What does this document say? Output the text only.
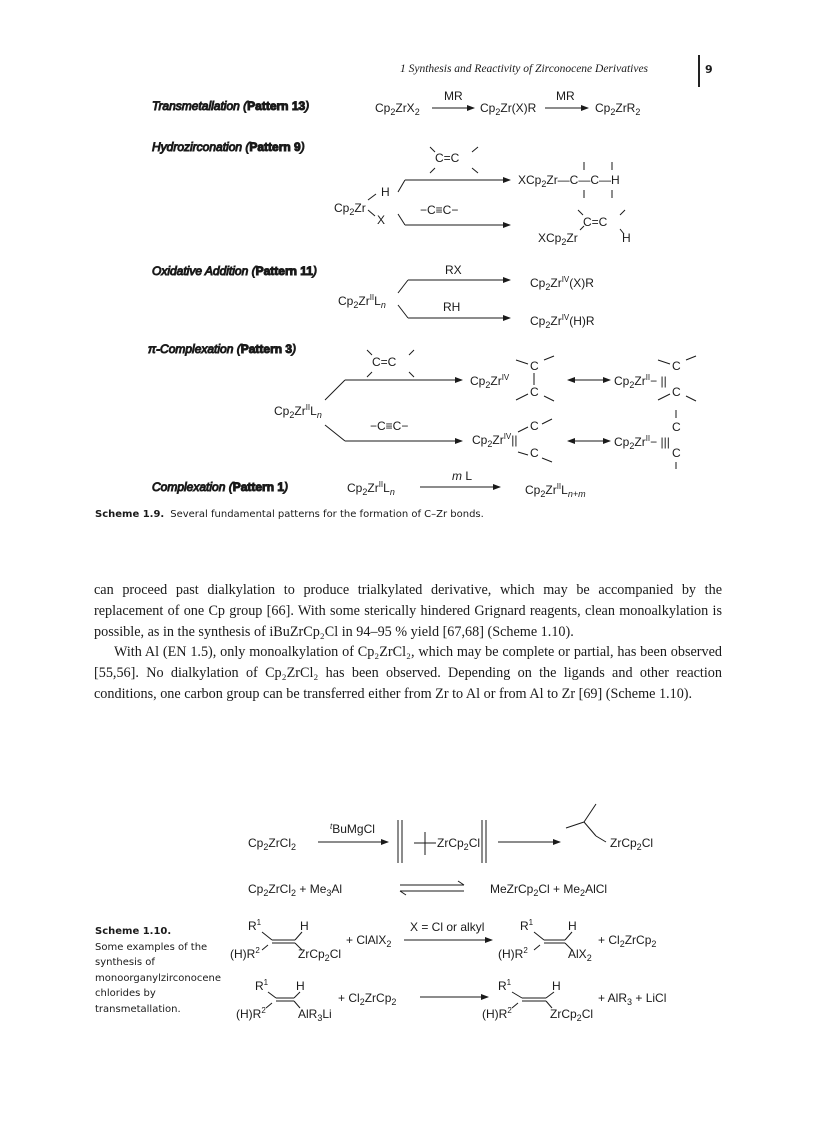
1 Synthesis and Reactivity of Zirconocene Derivatives	9
Transmetallation (Pattern 13)	$Cp_2ZrX_2$
MR
$Cp_2Zr(X)R$
MR
$Cp_2ZrR_2$
Hydrozirconation (Pattern 9)
C=C
$Cp_2Zr$
H
X
−C≡C−
XCp$_2$Zr—C—C—H
C=C
XCp$_2$Zr	H
Oxidative Addition (Pattern 11)
$Cp_2Zr^{II}L_n$
RX
RH
$Cp_2Zr^{IV}(X)R$
$Cp_2Zr^{IV}(H)R$
π-Complexation (Pattern 3)
C=C
$Cp_2Zr^{II}L_n$
−C≡C−
$Cp_2Zr^{IV}$
C
C
$Cp_2Zr^{II}-$ ||
C
C
$Cp_2Zr^{IV}||$
C
C
$Cp_2Zr^{II}-$ |||
C
C
Complexation (Pattern 1)	$Cp_2Zr^{II}L_n$
m L
$Cp_2Zr^{II}L_{n+m}$
$Cp_2ZrCl_2$
$^t$BuMgCl
ZrCp$_2$Cl	ZrCp$_2$Cl
$Cp_2ZrCl_2 + Me_3Al$	MeZrCp$_2$Cl + $Me_2AlCl$
$R^1$	H
$(H)R^2$	ZrCp$_2$Cl
+ ClAlX$_2$
X = Cl or alkyl	$R^1$	H
$(H)R^2$	AlX$_2$
+ $Cl_2ZrCp_2$
$R^1$ H
$(H)R^2$	AlR$_3$Li
+ $Cl_2ZrCp_2$
$R^1$	H
$(H)R^2$	ZrCp$_2$Cl
+ AlR$_3$ + LiCl
Scheme 1.9. Several fundamental patterns for the formation of C–Zr bonds.

can proceed past dialkylation to produce trialkylated derivative, which may be accompanied by the replacement of one Cp group [66]. With some sterically hindered Grignard reagents, clean monoalkylation is possible, as in the synthesis of iBuZrCp₂Cl in 94–95 % yield [67,68] (Scheme 1.10).

With Al (EN 1.5), only monoalkylation of Cp₂ZrCl₂, which may be complete or partial, has been observed [55,56]. No dialkylation of Cp₂ZrCl₂ has been observed. Depending on the ligands and other reaction conditions, one carbon group can be transferred either from Zr to Al or from Al to Zr [69] (Scheme 1.10).

Scheme 1.10.
Some examples of the synthesis of monoorganylzirconocene chlorides by transmetallation.
